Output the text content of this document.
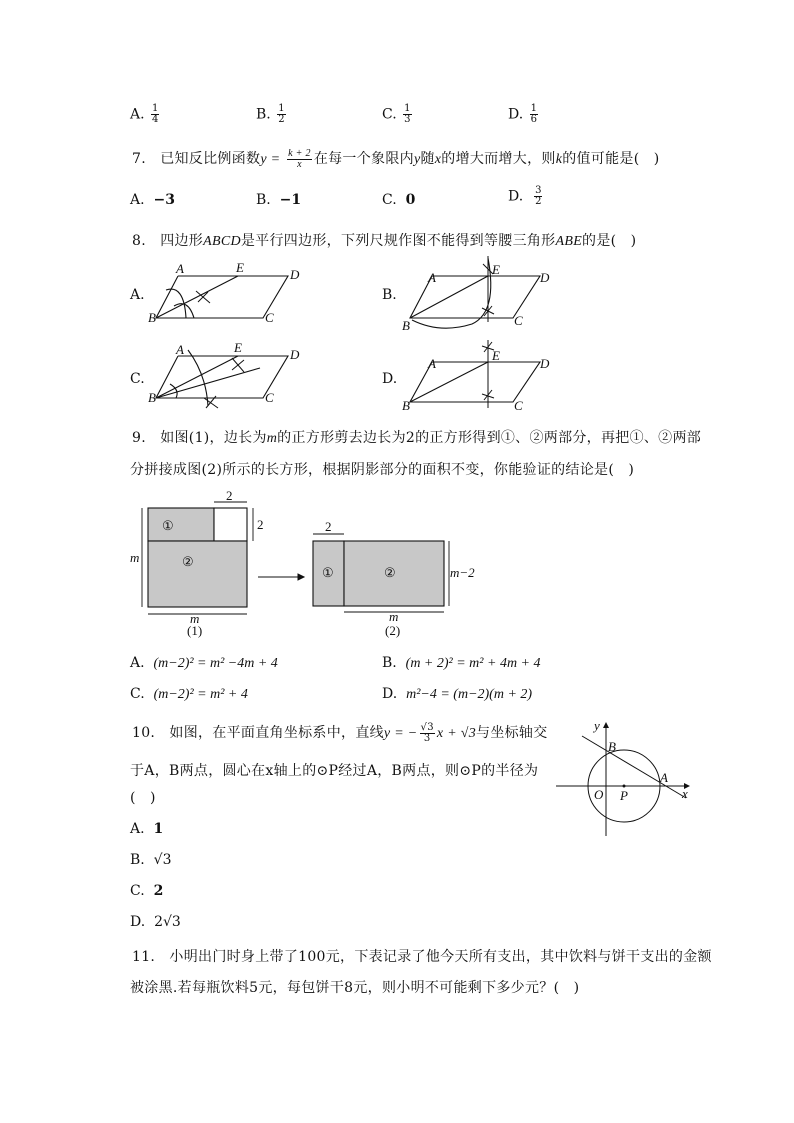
A. $\frac{1}{4}$	B. $\frac{1}{2}$	C. $\frac{1}{3}$	D. $\frac{1}{6}$
7.   已知反比例函数$y = \frac{k + 2}{x}$ 在每一个象限内y随x的增大而增大，则k的值可能是(   )
A. −3	B. −1	C. 0	D. $\frac{3}{2}$
8.   四边形ABCD是平行四边形，下列尺规作图不能得到等腰三角形ABE的是(   )
A.	B.
C.	D.
A	E	D
B	C
A
E
D
B	C
A	E	D
B	C
A
E
D
B	C
9.   如图(1)，边长为m的正方形剪去边长为2的正方形得到①、②两部分，再把①、②两部
分拼接成图(2)所示的长方形，根据阴影部分的面积不变，你能验证的结论是(   )
2
2
m
m
①
②
(1)
2
m−2
m
①	②
(2)
A. (m−2)² = m² −4m + 4	B. (m + 2)² = m² + 4m + 4
C. (m−2)² = m² + 4	D. m²−4 = (m−2)(m + 2)
10.   如图，在平面直角坐标系中，直线y = − $\frac{√3}{3}$ x + √3与坐标轴交
于A，B两点，圆心在x轴上的⊙P经过A，B两点，则⊙P的半径为
(   )
y
x
B
A
O P
A. 1
B. √3
C. 2
D. 2√3
11.   小明出门时身上带了100元，下表记录了他今天所有支出，其中饮料与饼干支出的金额
被涂黑.若每瓶饮料5元，每包饼干8元，则小明不可能剩下多少元？(   )
